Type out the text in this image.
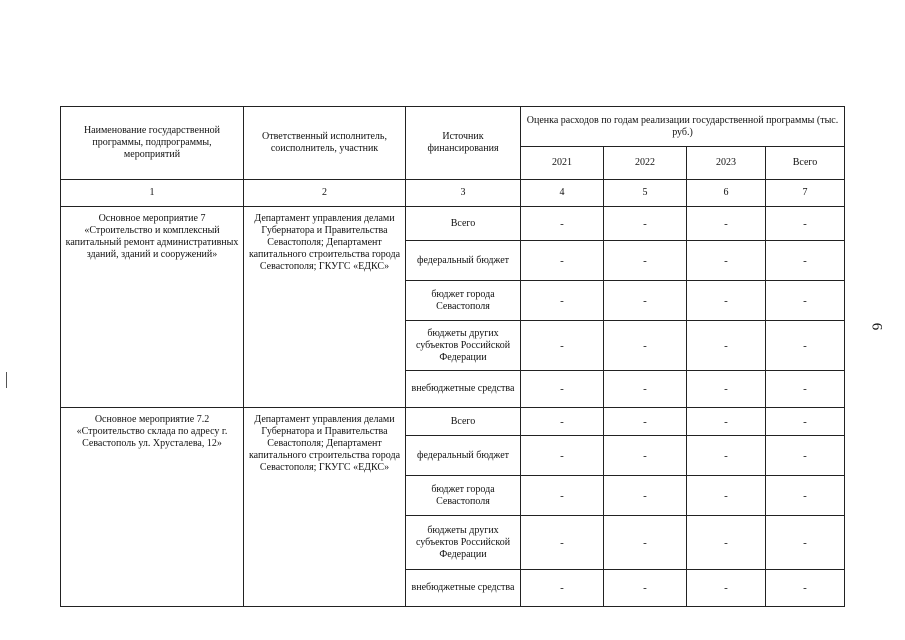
Наименование государственной программы, подпрограммы, мероприятий	Ответственный исполнитель, соисполнитель, участник	Источник финансирования	Оценка расходов по годам реализации государственной программы (тыс. руб.)			
			2021	2022	2023	Всего
1	2	3	4	5	6	7
Основное мероприятие 7 «Строительство и комплексный капитальный ремонт административных зданий, зданий и сооружений»	Департамент управления делами Губернатора и Правительства Севастополя; Департамент капитального строительства города Севастополя; ГКУГС «ЕДКС»	Всего	-	-	-	-
		федеральный бюджет	-	-	-	-
		бюджет города Севастополя	-	-	-	-
		бюджеты других субъектов Российской Федерации	-	-	-	-
		внебюджетные средства	-	-	-	-
Основное мероприятие 7.2 «Строительство склада по адресу г. Севастополь ул. Хрусталева, 12»	Департамент управления делами Губернатора и Правительства Севастополя; Департамент капитального строительства города Севастополя; ГКУГС «ЕДКС»	Всего	-	-	-	-
		федеральный бюджет	-	-	-	-
		бюджет города Севастополя	-	-	-	-
		бюджеты других субъектов Российской Федерации	-	-	-	-
		внебюджетные средства	-	-	-	-
6
